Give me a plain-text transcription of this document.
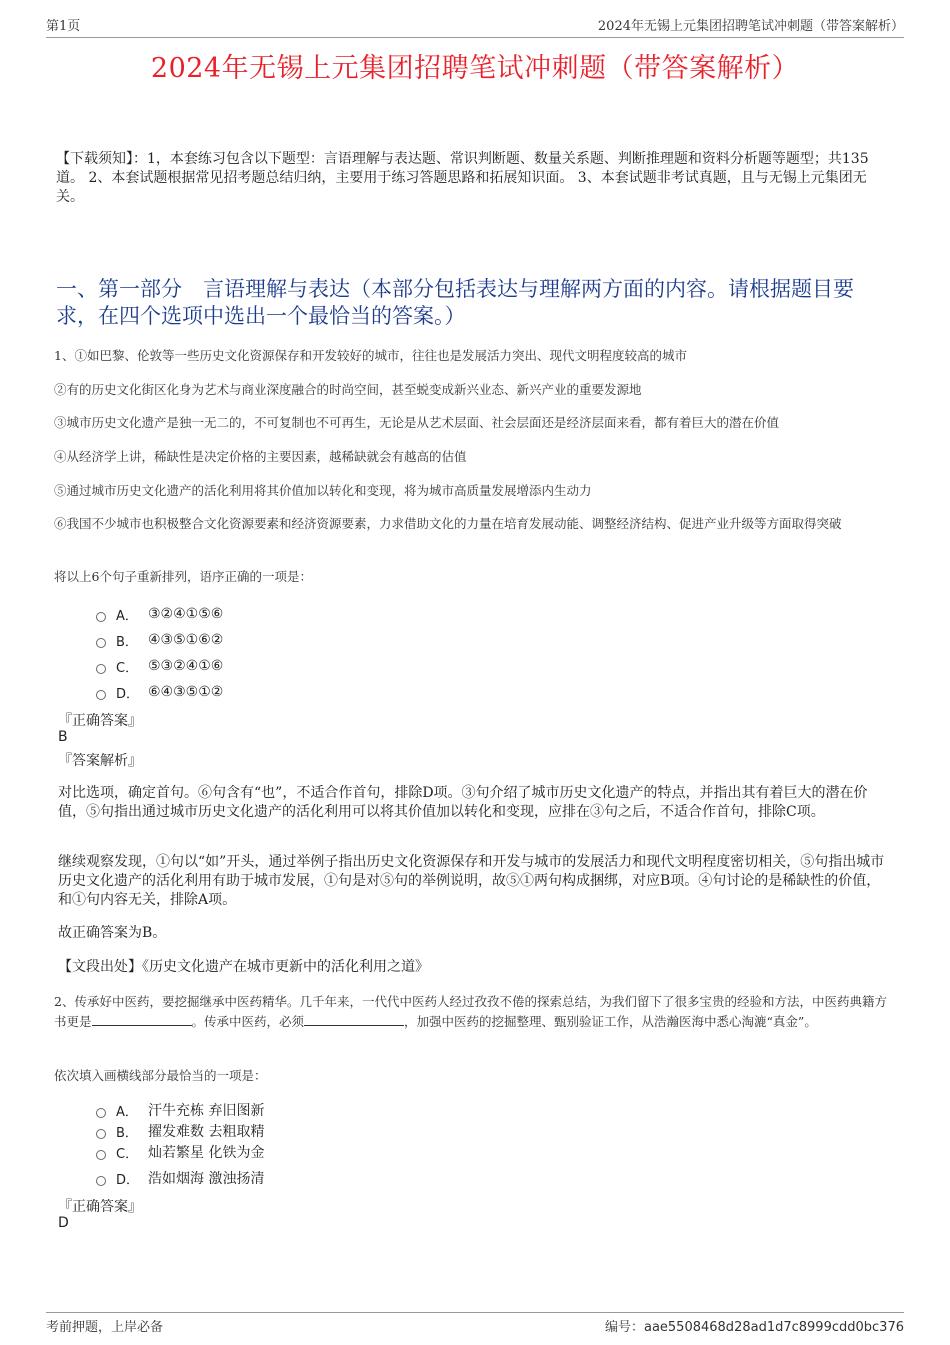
第1页	2024年无锡上元集团招聘笔试冲刺题（带答案解析）
2024年无锡上元集团招聘笔试冲刺题（带答案解析）
【下载须知】：1，本套练习包含以下题型：言语理解与表达题、常识判断题、数量关系题、判断推理题和资料分析题等题型；共135道。 2、本套试题根据常见招考题总结归纳，主要用于练习答题思路和拓展知识面。 3、本套试题非考试真题，且与无锡上元集团无关。
一、第一部分　言语理解与表达（本部分包括表达与理解两方面的内容。请根据题目要求，在四个选项中选出一个最恰当的答案。）
1、①如巴黎、伦敦等一些历史文化资源保存和开发较好的城市，往往也是发展活力突出、现代文明程度较高的城市
②有的历史文化街区化身为艺术与商业深度融合的时尚空间，甚至蜕变成新兴业态、新兴产业的重要发源地
③城市历史文化遗产是独一无二的，不可复制也不可再生，无论是从艺术层面、社会层面还是经济层面来看，都有着巨大的潜在价值
④从经济学上讲，稀缺性是决定价格的主要因素，越稀缺就会有越高的估值
⑤通过城市历史文化遗产的活化利用将其价值加以转化和变现，将为城市高质量发展增添内生动力
⑥我国不少城市也积极整合文化资源要素和经济资源要素，力求借助文化的力量在培育发展动能、调整经济结构、促进产业升级等方面取得突破
将以上6个句子重新排列，语序正确的一项是：
A． ③②④①⑤⑥
B． ④③⑤①⑥②
C． ⑤③②④①⑥
D． ⑥④③⑤①②
『正确答案』
B
『答案解析』
对比选项，确定首句。⑥句含有“也”，不适合作首句，排除D项。③句介绍了城市历史文化遗产的特点，并指出其有着巨大的潜在价值，⑤句指出通过城市历史文化遗产的活化利用可以将其价值加以转化和变现，应排在③句之后，不适合作首句，排除C项。
继续观察发现，①句以“如”开头，通过举例子指出历史文化资源保存和开发与城市的发展活力和现代文明程度密切相关，⑤句指出城市历史文化遗产的活化利用有助于城市发展，①句是对⑤句的举例说明，故⑤①两句构成捆绑，对应B项。④句讨论的是稀缺性的价值，和①句内容无关，排除A项。
故正确答案为B。
【文段出处】《历史文化遗产在城市更新中的活化利用之道》
2、传承好中医药，要挖掘继承中医药精华。几千年来，一代代中医药人经过孜孜不倦的探索总结，为我们留下了很多宝贵的经验和方法，中医药典籍方书更是	。传承中医药，必须	，加强中医药的挖掘整理、甄别验证工作，从浩瀚医海中悉心淘漉“真金”。
依次填入画横线部分最恰当的一项是：
A． 汗牛充栋 弃旧图新
B． 擢发难数 去粗取精
C． 灿若繁星 化铁为金
D． 浩如烟海 激浊扬清
『正确答案』
D
考前押题，上岸必备	编号：aae5508468d28ad1d7c8999cdd0bc376
